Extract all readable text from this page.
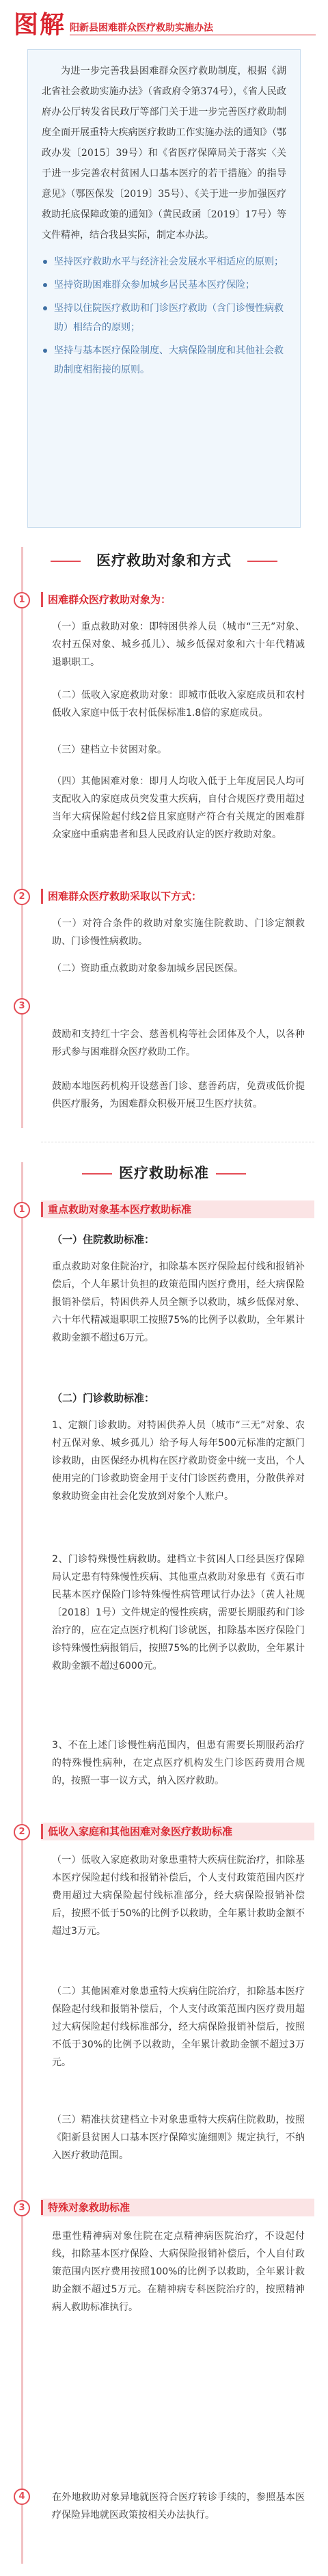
图解 阳新县困难群众医疗救助实施办法

为进一步完善我县困难群众医疗救助制度，根据《湖北省社会救助实施办法》（省政府令第374号），《省人民政府办公厅转发省民政厅等部门关于进一步完善医疗救助制度全面开展重特大疾病医疗救助工作实施办法的通知》（鄂政办发〔2015〕39号）和《省医疗保障局关于落实〈关于进一步完善农村贫困人口基本医疗的若干措施〉的指导意见》（鄂医保发〔2019〕35号）、《关于进一步加强医疗救助托底保障政策的通知》（黄民政函〔2019〕17号）等文件精神，结合我县实际，制定本办法。

坚持医疗救助水平与经济社会发展水平相适应的原则；
坚持资助困难群众参加城乡居民基本医疗保险；
坚持以住院医疗救助和门诊医疗救助（含门诊慢性病救助）相结合的原则；
坚持与基本医疗保险制度、大病保险制度和其他社会救助制度相衔接的原则。
医疗救助对象和方式
1	困难群众医疗救助对象为：
（一）重点救助对象：即特困供养人员（城市“三无”对象、农村五保对象、城乡孤儿）、城乡低保对象和六十年代精减退职职工。
（二）低收入家庭救助对象：即城市低收入家庭成员和农村低收入家庭中低于农村低保标准1.8倍的家庭成员。
（三）建档立卡贫困对象。
（四）其他困难对象：即月人均收入低于上年度居民人均可支配收入的家庭成员突发重大疾病，自付合规医疗费用超过当年大病保险起付线2倍且家庭财产符合有关规定的困难群众家庭中重病患者和县人民政府认定的医疗救助对象。
2	困难群众医疗救助采取以下方式：
（一）对符合条件的救助对象实施住院救助、门诊定额救助、门诊慢性病救助。
（二）资助重点救助对象参加城乡居民医保。
3
鼓励和支持红十字会、慈善机构等社会团体及个人，以各种形式参与困难群众医疗救助工作。
鼓励本地医药机构开设慈善门诊、慈善药店，免费或低价提供医疗服务，为困难群众积极开展卫生医疗扶贫。
医疗救助标准
1	重点救助对象基本医疗救助标准
（一）住院救助标准：
重点救助对象住院治疗，扣除基本医疗保险起付线和报销补偿后，个人年累计负担的政策范围内医疗费用，经大病保险报销补偿后，特困供养人员全额予以救助，城乡低保对象、六十年代精减退职职工按照75%的比例予以救助，全年累计救助金额不超过6万元。
（二）门诊救助标准：
1、定额门诊救助。对特困供养人员（城市“三无”对象、农村五保对象、城乡孤儿）给予每人每年500元标准的定额门诊救助，由医保经办机构在医疗救助资金中统一支出，个人使用完的门诊救助资金用于支付门诊医药费用，分散供养对象救助资金由社会化发放到对象个人账户。
2、门诊特殊慢性病救助。建档立卡贫困人口经县医疗保障局认定患有特殊慢性疾病、其他重点救助对象患有《黄石市民基本医疗保险门诊特殊慢性病管理试行办法》（黄人社规〔2018〕1号）文件规定的慢性疾病，需要长期服药和门诊治疗的，应在定点医疗机构门诊就医，扣除基本医疗保险门诊特殊慢性病报销后，按照75%的比例予以救助，全年累计救助金额不超过6000元。
3、不在上述门诊慢性病范围内，但患有需要长期服药治疗的特殊慢性病种，在定点医疗机构发生门诊医药费用合规的，按照一事一议方式，纳入医疗救助。
2	低收入家庭和其他困难对象医疗救助标准
（一）低收入家庭救助对象患重特大疾病住院治疗，扣除基本医疗保险起付线和报销补偿后，个人支付政策范围内医疗费用超过大病保险起付线标准部分，经大病保险报销补偿后，按照不低于50%的比例予以救助，全年累计救助金额不超过3万元。
（二）其他困难对象患重特大疾病住院治疗，扣除基本医疗保险起付线和报销补偿后，个人支付政策范围内医疗费用超过大病保险起付线标准部分，经大病保险报销补偿后，按照不低于30%的比例予以救助，全年累计救助金额不超过3万元。
（三）精准扶贫建档立卡对象患重特大疾病住院救助，按照《阳新县贫困人口基本医疗保障实施细则》规定执行，不纳入医疗救助范围。
3	特殊对象救助标准
患重性精神病对象住院在定点精神病医院治疗，不设起付线，扣除基本医疗保险、大病保险报销补偿后，个人自付政策范围内医疗费用按照100%的比例予以救助，全年累计救助金额不超过5万元。在精神病专科医院治疗的，按照精神病人救助标准执行。
4	在外地救助对象异地就医符合医疗转诊手续的，参照基本医疗保险异地就医政策按相关办法执行。
